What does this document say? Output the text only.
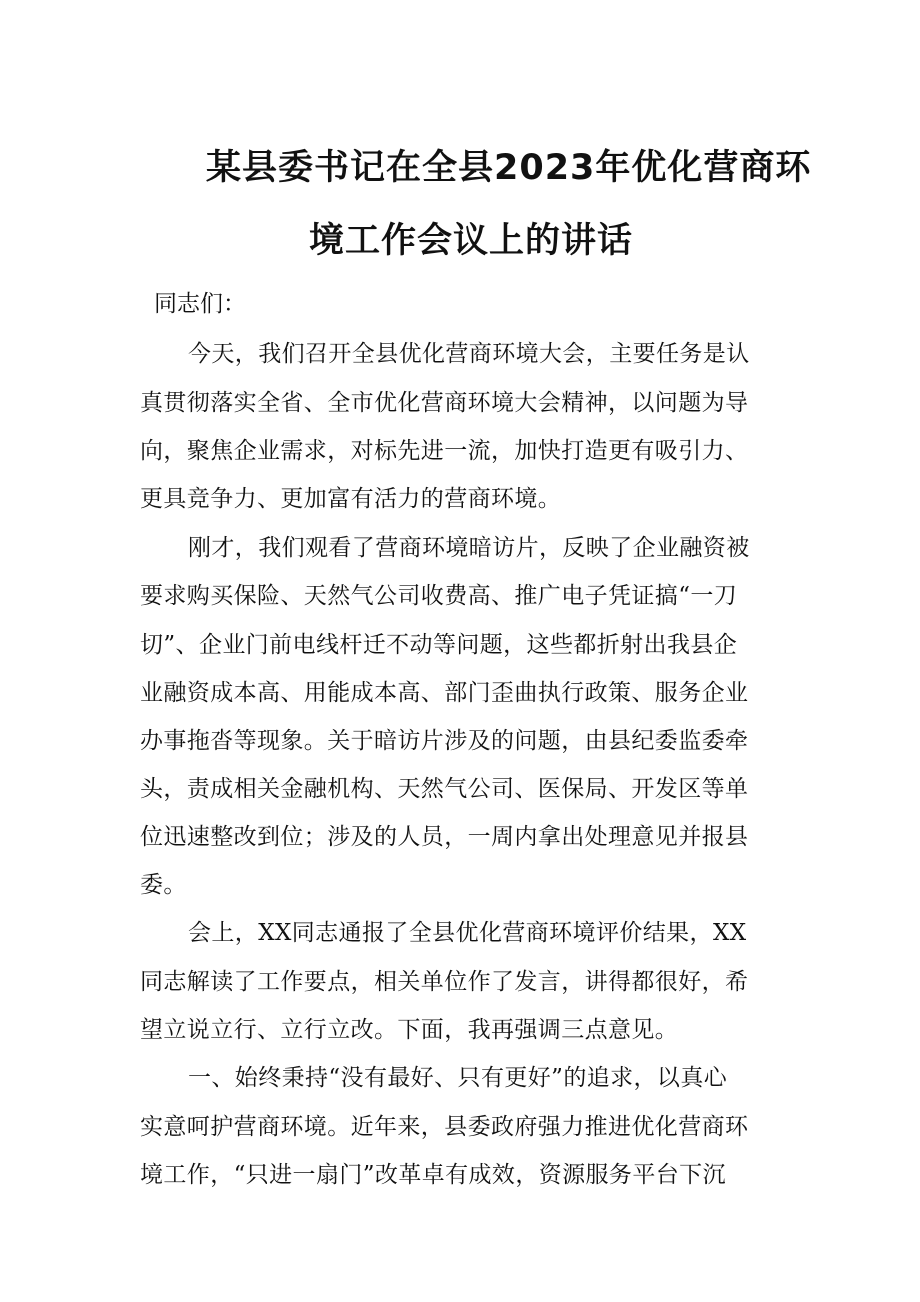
某县委书记在全县2023年优化营商环
境工作会议上的讲话
同志们：
今天，我们召开全县优化营商环境大会，主要任务是认
真贯彻落实全省、全市优化营商环境大会精神，以问题为导
向，聚焦企业需求，对标先进一流，加快打造更有吸引力、
更具竞争力、更加富有活力的营商环境。
刚才，我们观看了营商环境暗访片，反映了企业融资被
要求购买保险、天然气公司收费高、推广电子凭证搞“一刀
切”、企业门前电线杆迁不动等问题，这些都折射出我县企
业融资成本高、用能成本高、部门歪曲执行政策、服务企业
办事拖沓等现象。关于暗访片涉及的问题，由县纪委监委牵
头，责成相关金融机构、天然气公司、医保局、开发区等单
位迅速整改到位；涉及的人员，一周内拿出处理意见并报县
委。
会上，XX同志通报了全县优化营商环境评价结果，XX
同志解读了工作要点，相关单位作了发言，讲得都很好，希
望立说立行、立行立改。下面，我再强调三点意见。
一、始终秉持“没有最好、只有更好”的追求，以真心
实意呵护营商环境。近年来，县委政府强力推进优化营商环
境工作，“只进一扇门”改革卓有成效，资源服务平台下沉
